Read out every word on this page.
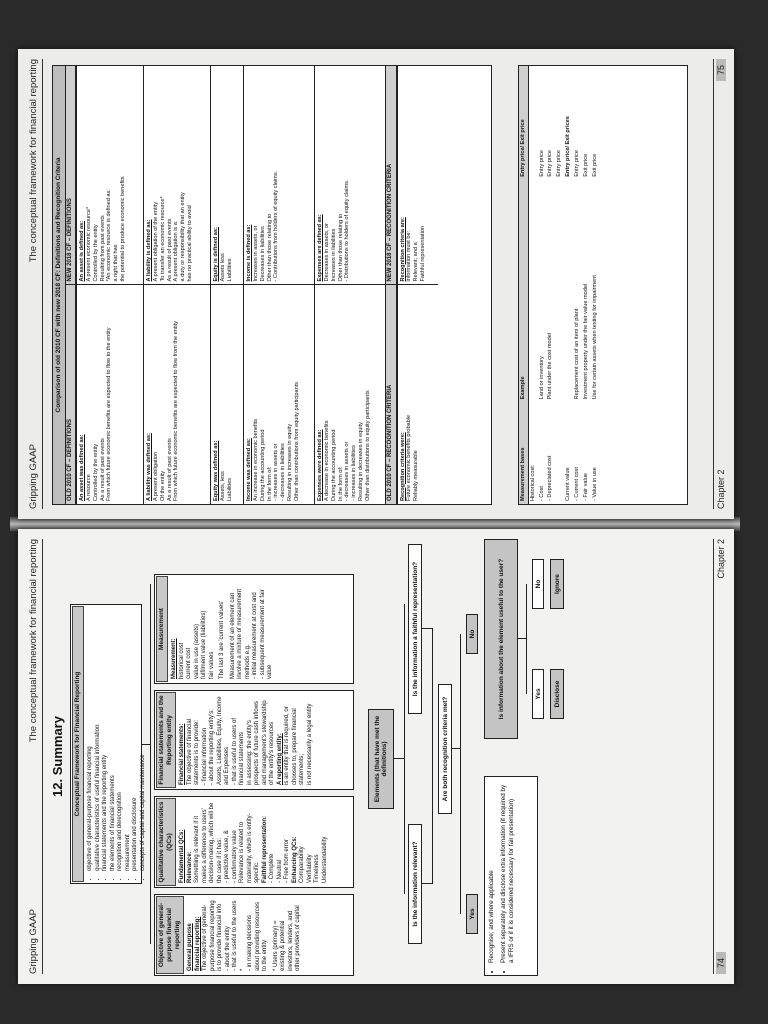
Gripping GAAP
The conceptual framework for financial reporting
12. Summary	Conceptual Framework for Financial Reporting	• objective of general-purpose financial reporting • qualitative characteristics of useful financial information • financial statements and the reporting entity • the elements of financial statements • recognition and derecognition • measurement • presentation and disclosure • concepts of capital and capital maintenance
Objective of general-purpose financial reporting	General purpose financial reporting: The objective of general-purpose financial reporting is to provide financial info - about the entity - that is useful to the users * - in making decisions about providing resources to the entity * Users (primary) = existing & potential investors, lenders, and other providers of capital
Qualitative characteristics (QCs)	Fundamental QCs: Relevance: Something is relevant if it makes a difference to users' decision-making, which will be the case if it has: - predictive value, & - confirmatory value Relevance is related to materiality, which is entity-specific. Faithful representation: - Complete - Neutral - Free from error Enhancing QCs: Comparability Verifiability Timeliness Understandability
Financial statements and the Reporting entity	Financial statements: The objective of financial statements is to provide: - financial information - about the reporting entity's: Assets, Liabilities, Equity, Income and Expenses - that is useful to users of financial statements in assessing: the entity's prospects of future cash inflows and management's stewardship of the entity's resources A reporting entity: is an entity that is required, or chooses to, prepare financial statements; is not necessarily a legal entity
Measurement
Measurement: historical cost current cost value in use (assets) fulfilment value (liabilities) fair values The last 3 are 'current values' Measurement of an element can involve a mixture of measurement methods e.g. - initial measurement at cost and - subsequent measurement at fair value
Elements (that have met the definitions)
Is the information relevant?
Is the information a faithful representation?
Are both recognition criteria met?
Yes
No
• Recognise; and where applicable • Present separately and disclose extra information (if required by a IFRS or if it is considered necessary for fair presentation)
Is information about the element useful to the user?	Yes
No
Disclose
Ignore
74
Chapter 2
Gripping GAAP
The conceptual framework for financial reporting	Comparison of old 2010 CF with new 2018 CF: Definitions and Recognition Criteria
OLD 2010 CF – DEFINITIONS
NEW 2018 CF – DEFINITIONS
An asset was defined as: A resource Controlled by the entity As a result of past events From which future economic benefits are expected to flow to the entity
An asset is defined as: A present economic resource* Controlled by the entity Resulting from past events *An economic resource is defined as: a right that has the potential to produce economic benefits
A liability was defined as: A present obligation Of the entity As a result of past events From which future economic benefits are expected to flow from the entity
A liability is defined as: A present obligation of the entity To transfer an economic resource* As a result of past events A present obligation is a: a duty or responsibility that an entity has no practical ability to avoid
Equity was defined as: Assets, less Liabilities
Equity is defined as: Assets less Liabilities
Income was defined as: An increase in economic benefits During the accounting period In the form of: - increases in assets or - decreases in liabilities Resulting in increases in equity Other than contributions from equity participants
Income is defined as: Increases in assets, or Decreases in liabilities Other than those relating to - Contributions from holders of equity claims.
Expenses were defined as: A decrease in economic benefits During the accounting period In the form of: - decreases in assets or - increases in liabilities Resulting in decreases in equity Other than distributions to equity participants
Expenses are defined as: Decreases in assets, or Increases in liabilities Other than those relating to - Distributions to holders of equity claims.
OLD 2010 CF – RECOGNITION CRITERIA
NEW 2018 CF – RECOGNITION CRITERIA
Recognition criteria were: Future economic benefits probable Reliably measurable
Recognition criteria are: information must be: Relevant; and a Faithful representation
Measurement bases	Example	Entry price/ Exit price
Historical cost:		
- Cost	Land or inventory	Entry price
- Depreciated cost	Plant under the cost model	Entry price
		Entry price
Current value		Entry price/ Exit prices
- Current cost	Replacement cost of an item of plant	Entry price
- Fair value	Investment property under the fair value model	Exit price
- Value in use	Use for certain assets when testing for impairment	Exit price
Chapter 2
75
